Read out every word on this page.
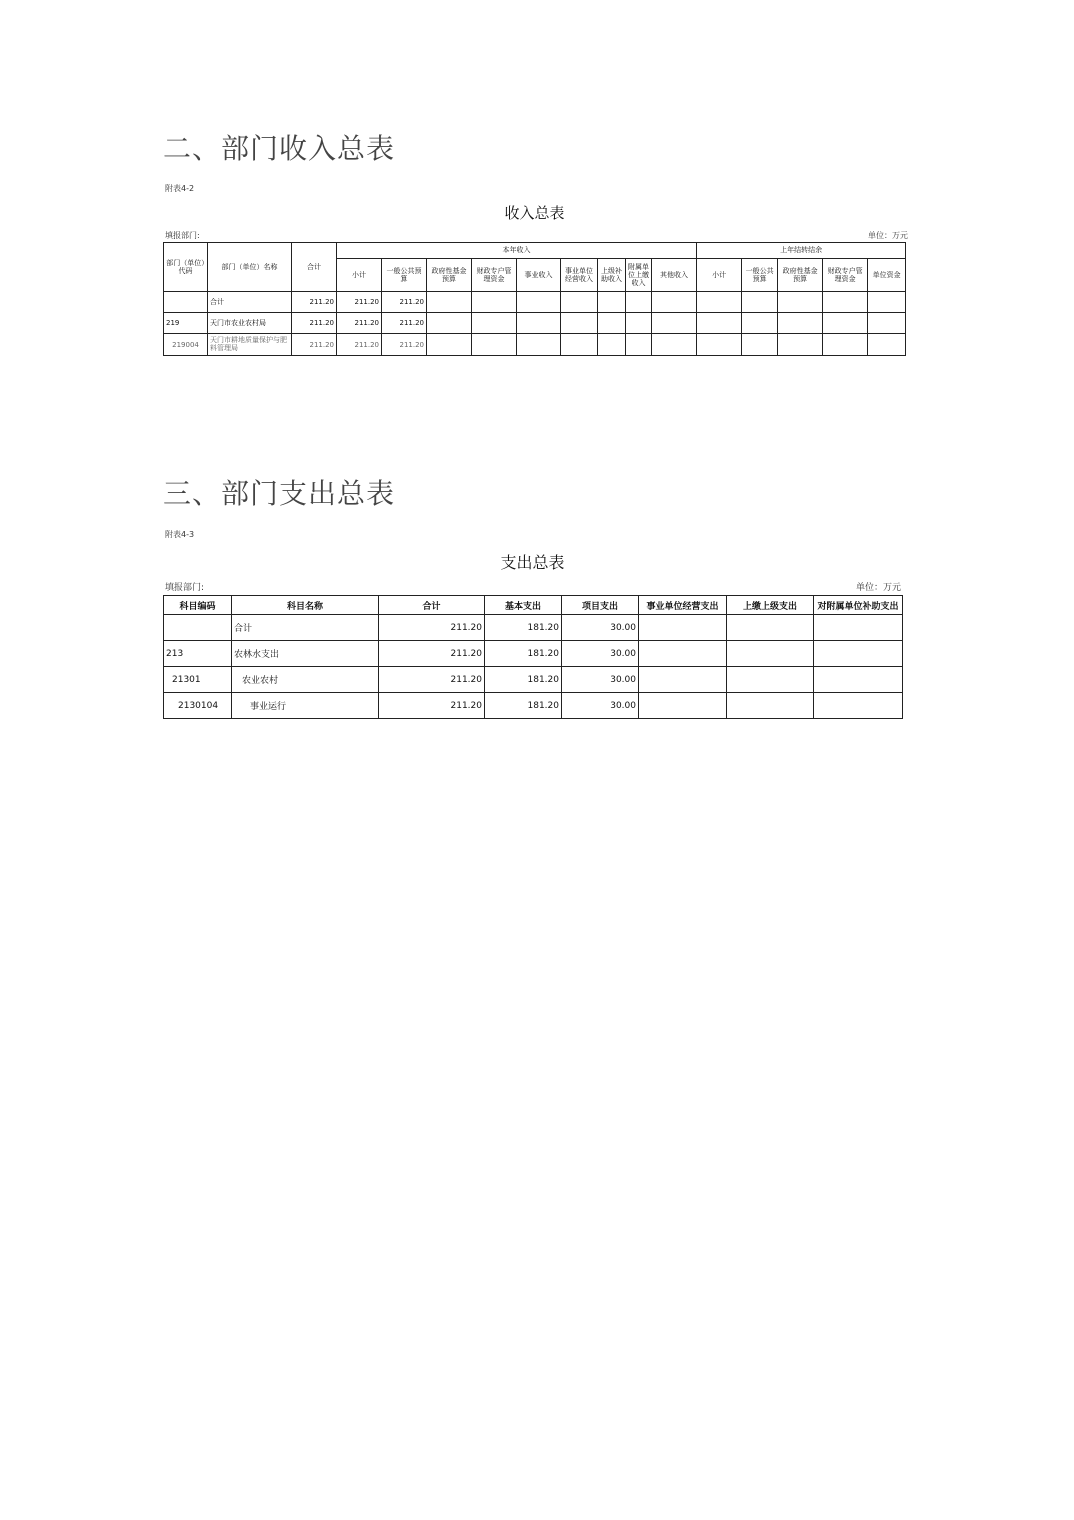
二、部门收入总表
附表4-2
收入总表
填报部门:	单位：万元
部门（单位）代码	部门（单位）名称	合计	本年收入									上年结转结余				
			小计	一般公共预算	政府性基金预算	财政专户管理资金	事业收入	事业单位经营收入	上级补助收入	附属单位上缴收入	其他收入	小计	一般公共预算	政府性基金预算	财政专户管理资金	单位资金
	合计	211.20	211.20	211.20												
219	天门市农业农村局	211.20	211.20	211.20												
219004	天门市耕地质量保护与肥料管理局	211.20	211.20	211.20												
三、部门支出总表
附表4-3
支出总表
填报部门:	单位：万元
科目编码	科目名称	合计	基本支出	项目支出	事业单位经营支出	上缴上级支出	对附属单位补助支出
	合计	211.20	181.20	30.00			
213	农林水支出	211.20	181.20	30.00			
21301	农业农村	211.20	181.20	30.00			
2130104	事业运行	211.20	181.20	30.00			
